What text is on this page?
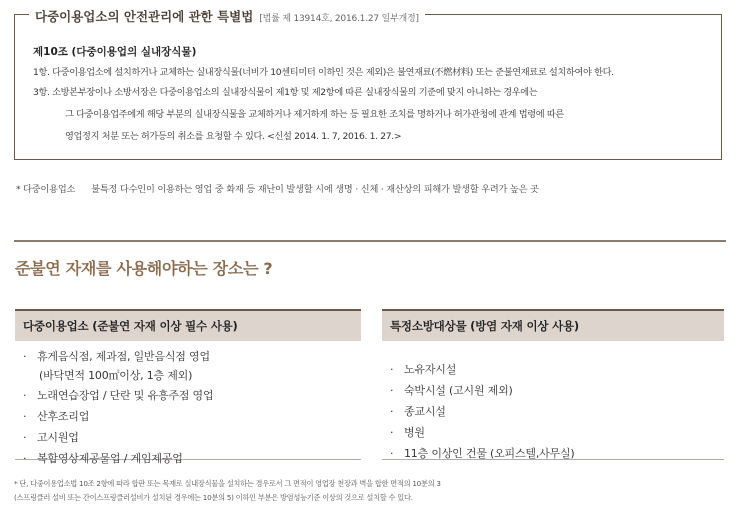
다중이용업소의 안전관리에 관한 특별법 [법률 제 13914호, 2016.1.27 일부개정]
제10조 (다중이용업의 실내장식물)
1항. 다중이용업소에 설치하거나 교체하는 실내장식물(너비가 10센티미터 이하인 것은 제외)은 불연재료(不燃材料) 또는 준불연재료로 설치하여야 한다.
3항. 소방본부장이나 소방서장은 다중이용업소의 실내장식물이 제1항 및 제2항에 따른 실내장식물의 기준에 맞지 아니하는 경우에는
그 다중이용업주에게 해당 부분의 실내장식물을 교체하거나 제거하게 하는 등 필요한 조치를 명하거나 허가관청에 관계 법령에 따른
영업정지 처분 또는 허가등의 취소를 요청할 수 있다. <신설 2014. 1. 7, 2016. 1. 27.>
* 다중이용업소 불특정 다수인이 이용하는 영업 중 화재 등 재난이 발생할 시에 생명 · 신체 · 재산상의 피해가 발생할 우려가 높은 곳
준불연 자재를 사용해야하는 장소는 ?
다중이용업소 (준불연 자재 이상 필수 사용)
· 휴게음식점, 제과점, 일반음식점 영업
(바닥면적 100㎡이상, 1층 제외)
· 노래연습장업 / 단란 및 유흥주점 영업
· 산후조리업
· 고시원업
· 복합영상제공물업 / 게임제공업
특정소방대상물 (방염 자재 이상 사용)
· 노유자시설
· 숙박시설 (고시원 제외)
· 종교시설
· 병원
· 11층 이상인 건물 (오피스텔,사무실)
* 단, 다중이용업소법 10조 2항에 따라 합판 또는 목재로 실내장식물을 설치하는 경우로서 그 면적이 영업장 천장과 벽을 합한 면적의 10분의 3
(스프링클러 설비 또는 간이스프링클러설비가 설치된 경우에는 10분의 5) 이하인 부분은 방염성능기준 이상의 것으로 설치할 수 있다.
